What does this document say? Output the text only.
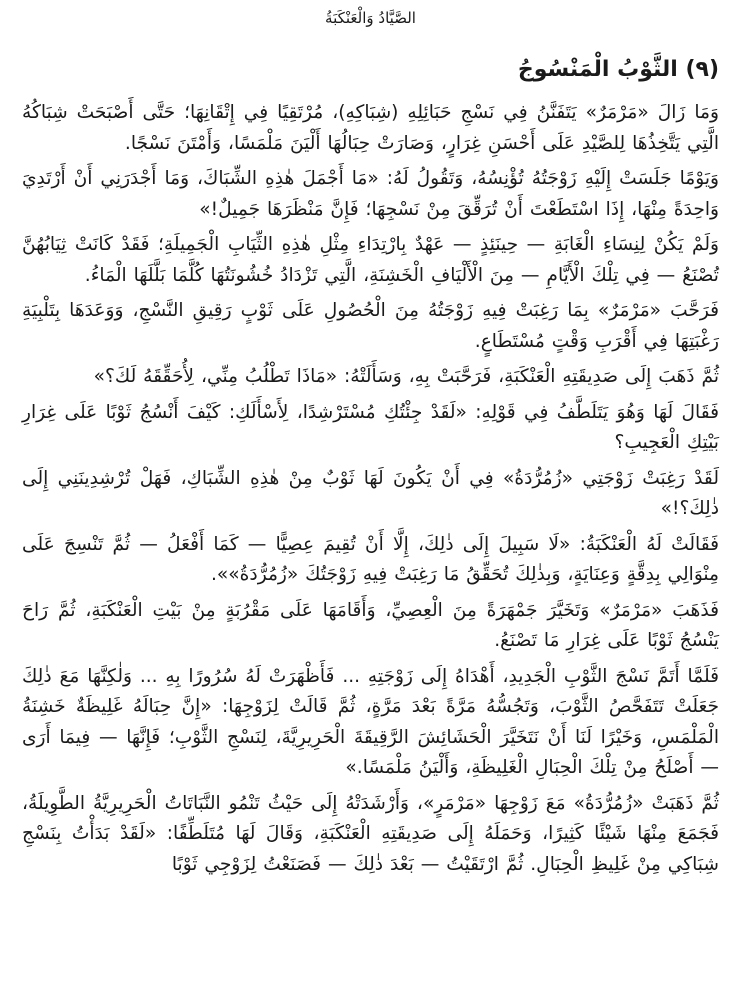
الصَّيَّادُ وَالْعَنْكَبَةُ
(٩) الثَّوْبُ الْمَنْسُوجُ

وَمَا زَالَ «مَرْمَرٌ» يَتَفَنَّنُ فِي نَسْجِ حَبَائِلِهِ (شِبَاكِهِ)، مُرْتَقِيًا فِي إِتْقَانِهَا؛ حَتَّى أَصْبَحَتْ شِبَاكُهُ الَّتِي يَتَّخِذُهَا لِلصَّيْدِ عَلَى أَحْسَنِ غِرَارٍ، وَصَارَتْ حِبَالُهَا أَلْيَنَ مَلْمَسًا، وَأَمْتَنَ نَسْجًا.

وَيَوْمًا جَلَسَتْ إِلَيْهِ زَوْجَتُهُ تُؤْنِسُهُ، وَتَقُولُ لَهُ: «مَا أَجْمَلَ هٰذِهِ الشِّبَاكَ، وَمَا أَجْدَرَنِي أَنْ أَرْتَدِيَ وَاحِدَةً مِنْهَا، إِذَا اسْتَطَعْتَ أَنْ تُرَقِّقَ مِنْ نَسْجِهَا؛ فَإِنَّ مَنْظَرَهَا جَمِيلٌ!»

وَلَمْ يَكُنْ لِنِسَاءِ الْغَابَةِ — حِينَئِذٍ — عَهْدٌ بِارْتِدَاءِ مِثْلِ هٰذِهِ الثِّيَابِ الْجَمِيلَةِ؛ فَقَدْ كَانَتْ ثِيَابُهُنَّ تُصْنَعُ — فِي تِلْكَ الْأَيَّامِ — مِنَ الْأَلْيَافِ الْخَشِنَةِ، الَّتِي تَزْدَادُ خُشُونَتُهَا كُلَّمَا بَلَّلَهَا الْمَاءُ.

فَرَحَّبَ «مَرْمَرٌ» بِمَا رَغِبَتْ فِيهِ زَوْجَتُهُ مِنَ الْحُصُولِ عَلَى ثَوْبٍ رَقِيقِ النَّسْجِ، وَوَعَدَهَا بِتَلْبِيَةِ رَغْبَتِهَا فِي أَقْرَبِ وَقْتٍ مُسْتَطَاعٍ.

ثُمَّ ذَهَبَ إِلَى صَدِيقَتِهِ الْعَنْكَبَةِ، فَرَحَّبَتْ بِهِ، وَسَأَلَتْهُ: «مَاذَا تَطْلُبُ مِنِّي، لِأُحَقِّقَهُ لَكَ؟»

فَقَالَ لَهَا وَهُوَ يَتَلَطَّفُ فِي قَوْلِهِ: «لَقَدْ جِئْتُكِ مُسْتَرْشِدًا، لِأَسْأَلَكِ: كَيْفَ أَنْسُجُ ثَوْبًا عَلَى غِرَارِ بَيْتِكِ الْعَجِيبِ؟

لَقَدْ رَغِبَتْ زَوْجَتِي «زُمُرُّدَةُ» فِي أَنْ يَكُونَ لَهَا ثَوْبٌ مِنْ هٰذِهِ الشِّبَاكِ، فَهَلْ تُرْشِدِينَنِي إِلَى ذٰلِكَ؟!»

فَقَالَتْ لَهُ الْعَنْكَبَةُ: «لَا سَبِيلَ إِلَى ذٰلِكَ، إِلَّا أَنْ تُقِيمَ عِصِيًّا — كَمَا أَفْعَلُ — ثُمَّ تَنْسِجَ عَلَى مِنْوَالِي بِدِقَّةٍ وَعِنَايَةٍ، وَبِذٰلِكَ تُحَقِّقُ مَا رَغِبَتْ فِيهِ زَوْجَتُكَ «زُمُرُّدَةُ»».

فَذَهَبَ «مَرْمَرٌ» وَتَخَيَّرَ جَمْهَرَةً مِنَ الْعِصِيِّ، وَأَقَامَهَا عَلَى مَقْرُبَةٍ مِنْ بَيْتِ الْعَنْكَبَةِ، ثُمَّ رَاحَ يَنْسُجُ ثَوْبًا عَلَى غِرَارِ مَا تَصْنَعُ.

فَلَمَّا أَتَمَّ نَسْجَ الثَّوْبِ الْجَدِيدِ، أَهْدَاهُ إِلَى زَوْجَتِهِ ... فَأَظْهَرَتْ لَهُ سُرُورًا بِهِ ... وَلٰكِنَّهَا مَعَ ذٰلِكَ جَعَلَتْ تَتَفَحَّصُ الثَّوْبَ، وَتَجُسُّهُ مَرَّةً بَعْدَ مَرَّةٍ، ثُمَّ قَالَتْ لِزَوْجِهَا: «إِنَّ حِبَالَهُ غَلِيظَةٌ خَشِنَةُ الْمَلْمَسِ، وَخَيْرًا لَنَا أَنْ نَتَخَيَّرَ الْحَشَائِشَ الرَّقِيقَةَ الْحَرِيرِيَّةَ، لِنَسْجِ الثَّوْبِ؛ فَإِنَّهَا — فِيمَا أَرَى — أَصْلَحُ مِنْ تِلْكَ الْحِبَالِ الْغَلِيظَةِ، وَأَلْيَنُ مَلْمَسًا.»

ثُمَّ ذَهَبَتْ «زُمُرُّدَةُ» مَعَ زَوْجِهَا «مَرْمَرٍ»، وَأَرْشَدَتْهُ إِلَى حَيْثُ تَنْمُو النَّبَاتَاتُ الْحَرِيرِيَّةُ الطَّوِيلَةُ، فَجَمَعَ مِنْهَا شَيْئًا كَثِيرًا، وَحَمَلَهُ إِلَى صَدِيقَتِهِ الْعَنْكَبَةِ، وَقَالَ لَهَا مُتَلَطِّفًا: «لَقَدْ بَدَأْتُ بِنَسْجِ شِبَاكِي مِنْ غَلِيظِ الْحِبَالِ. ثُمَّ ارْتَقَيْتُ — بَعْدَ ذٰلِكَ — فَصَنَعْتُ لِزَوْجِي ثَوْبًا
